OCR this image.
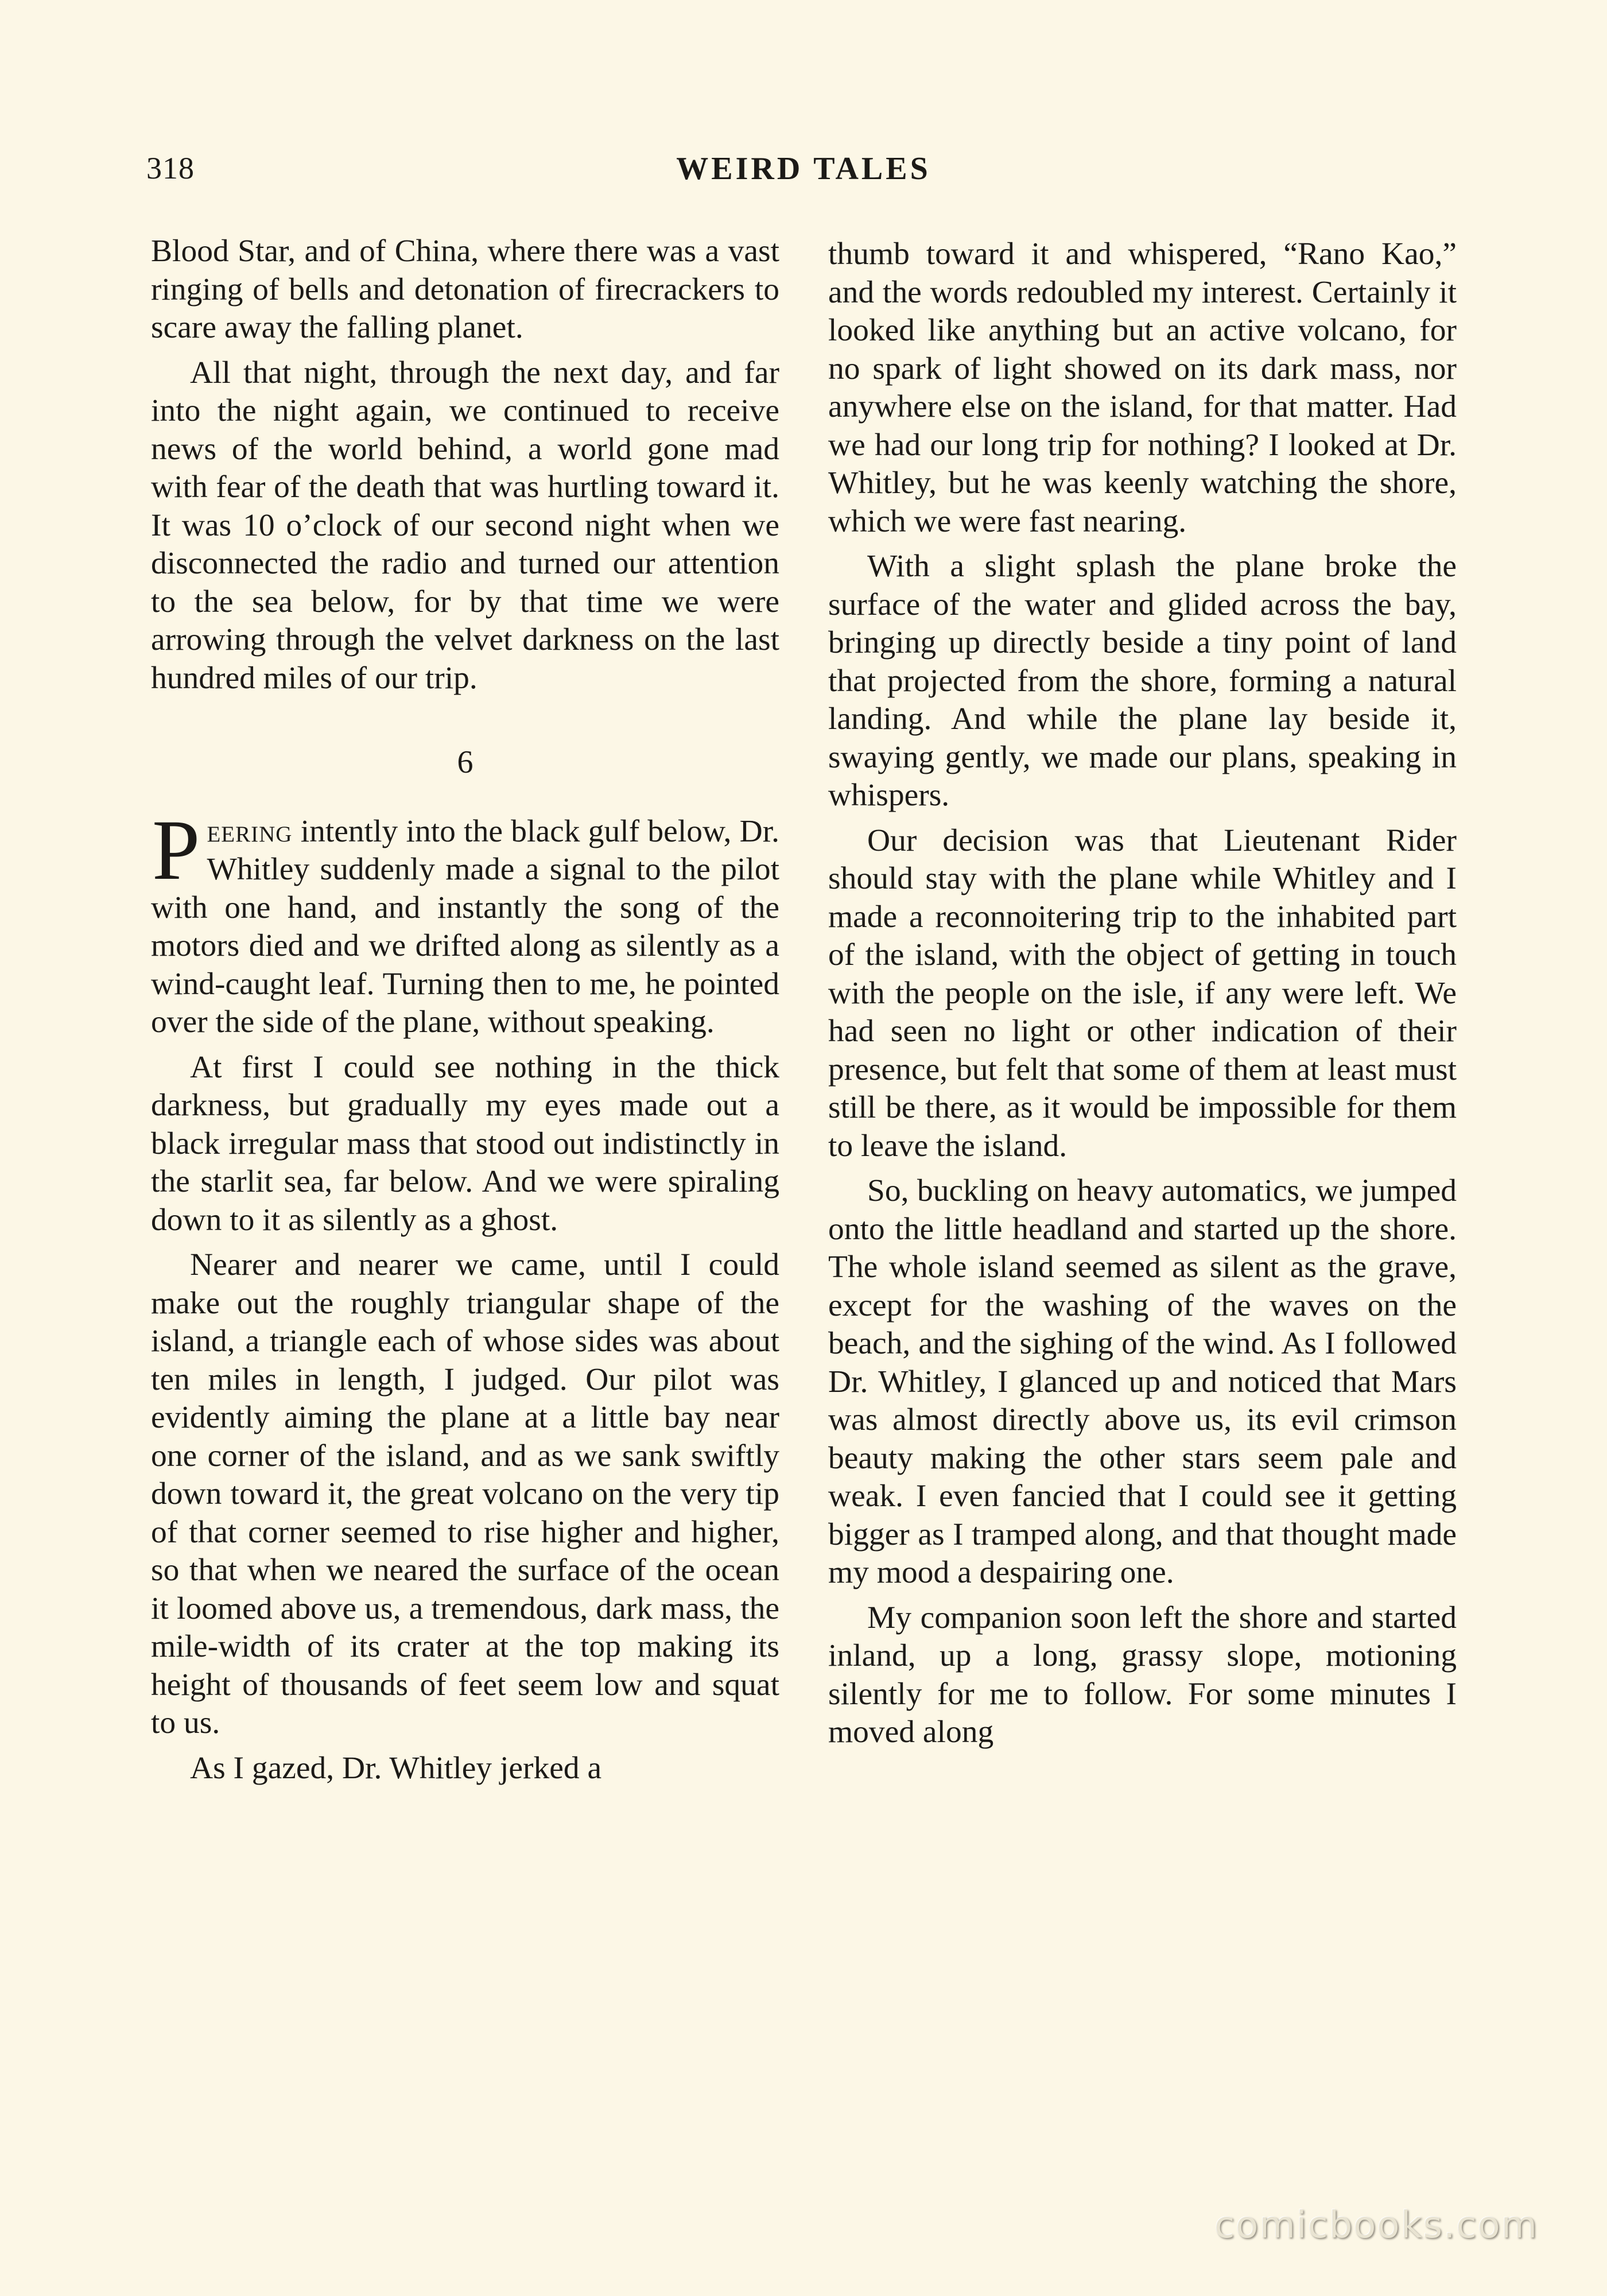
318	WEIRD TALES

Blood Star, and of China, where there was a vast ringing of bells and detonation of firecrackers to scare away the falling planet.

All that night, through the next day, and far into the night again, we continued to receive news of the world behind, a world gone mad with fear of the death that was hurtling toward it. It was 10 o’clock of our second night when we disconnected the radio and turned our attention to the sea below, for by that time we were arrowing through the velvet darkness on the last hundred miles of our trip.

6

Peering intently into the black gulf below, Dr. Whitley suddenly made a signal to the pilot with one hand, and instantly the song of the motors died and we drifted along as silently as a wind-caught leaf. Turning then to me, he pointed over the side of the plane, without speaking.

At first I could see nothing in the thick darkness, but gradually my eyes made out a black irregular mass that stood out indistinctly in the starlit sea, far below. And we were spiraling down to it as silently as a ghost.

Nearer and nearer we came, until I could make out the roughly triangular shape of the island, a triangle each of whose sides was about ten miles in length, I judged. Our pilot was evidently aiming the plane at a little bay near one corner of the island, and as we sank swiftly down toward it, the great volcano on the very tip of that corner seemed to rise higher and higher, so that when we neared the surface of the ocean it loomed above us, a tremendous, dark mass, the mile-width of its crater at the top making its height of thousands of feet seem low and squat to us.

As I gazed, Dr. Whitley jerked a

thumb toward it and whispered, “Rano Kao,” and the words redoubled my interest. Certainly it looked like anything but an active volcano, for no spark of light showed on its dark mass, nor anywhere else on the island, for that matter. Had we had our long trip for nothing? I looked at Dr. Whitley, but he was keenly watching the shore, which we were fast nearing.

With a slight splash the plane broke the surface of the water and glided across the bay, bringing up directly beside a tiny point of land that projected from the shore, forming a natural landing. And while the plane lay beside it, swaying gently, we made our plans, speaking in whispers.

Our decision was that Lieutenant Rider should stay with the plane while Whitley and I made a reconnoitering trip to the inhabited part of the island, with the object of getting in touch with the people on the isle, if any were left. We had seen no light or other indication of their presence, but felt that some of them at least must still be there, as it would be impossible for them to leave the island.

So, buckling on heavy automatics, we jumped onto the little headland and started up the shore. The whole island seemed as silent as the grave, except for the washing of the waves on the beach, and the sighing of the wind. As I followed Dr. Whitley, I glanced up and noticed that Mars was almost directly above us, its evil crimson beauty making the other stars seem pale and weak. I even fancied that I could see it getting bigger as I tramped along, and that thought made my mood a despairing one.

My companion soon left the shore and started inland, up a long, grassy slope, motioning silently for me to follow. For some minutes I moved along

comicbooks.com
